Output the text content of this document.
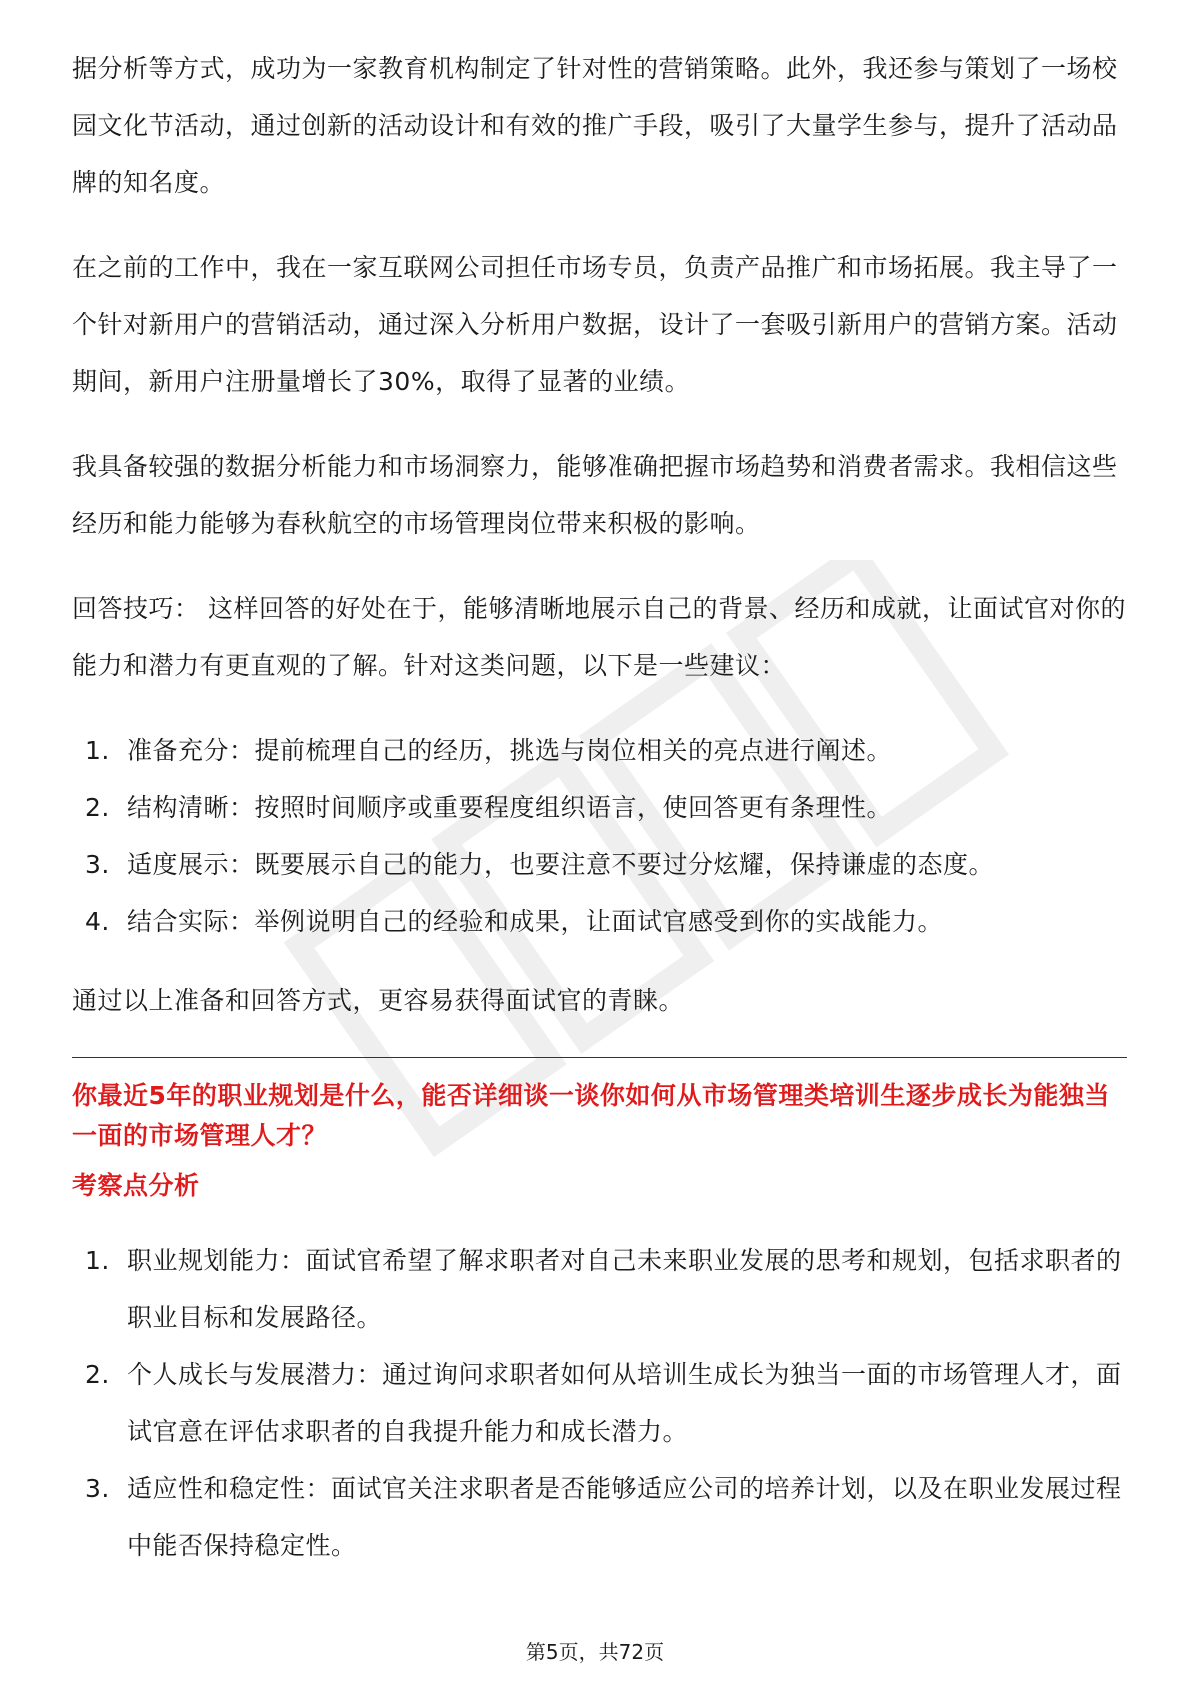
据分析等方式，成功为一家教育机构制定了针对性的营销策略。此外，我还参与策划了一场校园文化节活动，通过创新的活动设计和有效的推广手段，吸引了大量学生参与，提升了活动品牌的知名度。

在之前的工作中，我在一家互联网公司担任市场专员，负责产品推广和市场拓展。我主导了一个针对新用户的营销活动，通过深入分析用户数据，设计了一套吸引新用户的营销方案。活动期间，新用户注册量增长了30%，取得了显著的业绩。

我具备较强的数据分析能力和市场洞察力，能够准确把握市场趋势和消费者需求。我相信这些经历和能力能够为春秋航空的市场管理岗位带来积极的影响。

回答技巧： 这样回答的好处在于，能够清晰地展示自己的背景、经历和成就，让面试官对你的能力和潜力有更直观的了解。针对这类问题，以下是一些建议：

1. 准备充分：提前梳理自己的经历，挑选与岗位相关的亮点进行阐述。
2. 结构清晰：按照时间顺序或重要程度组织语言，使回答更有条理性。
3. 适度展示：既要展示自己的能力，也要注意不要过分炫耀，保持谦虚的态度。
4. 结合实际：举例说明自己的经验和成果，让面试官感受到你的实战能力。

通过以上准备和回答方式，更容易获得面试官的青睐。

你最近5年的职业规划是什么，能否详细谈一谈你如何从市场管理类培训生逐步成长为能独当一面的市场管理人才？
考察点分析
1. 职业规划能力：面试官希望了解求职者对自己未来职业发展的思考和规划，包括求职者的职业目标和发展路径。
2. 个人成长与发展潜力：通过询问求职者如何从培训生成长为独当一面的市场管理人才，面试官意在评估求职者的自我提升能力和成长潜力。
3. 适应性和稳定性：面试官关注求职者是否能够适应公司的培养计划，以及在职业发展过程中能否保持稳定性。
第5页，共72页
